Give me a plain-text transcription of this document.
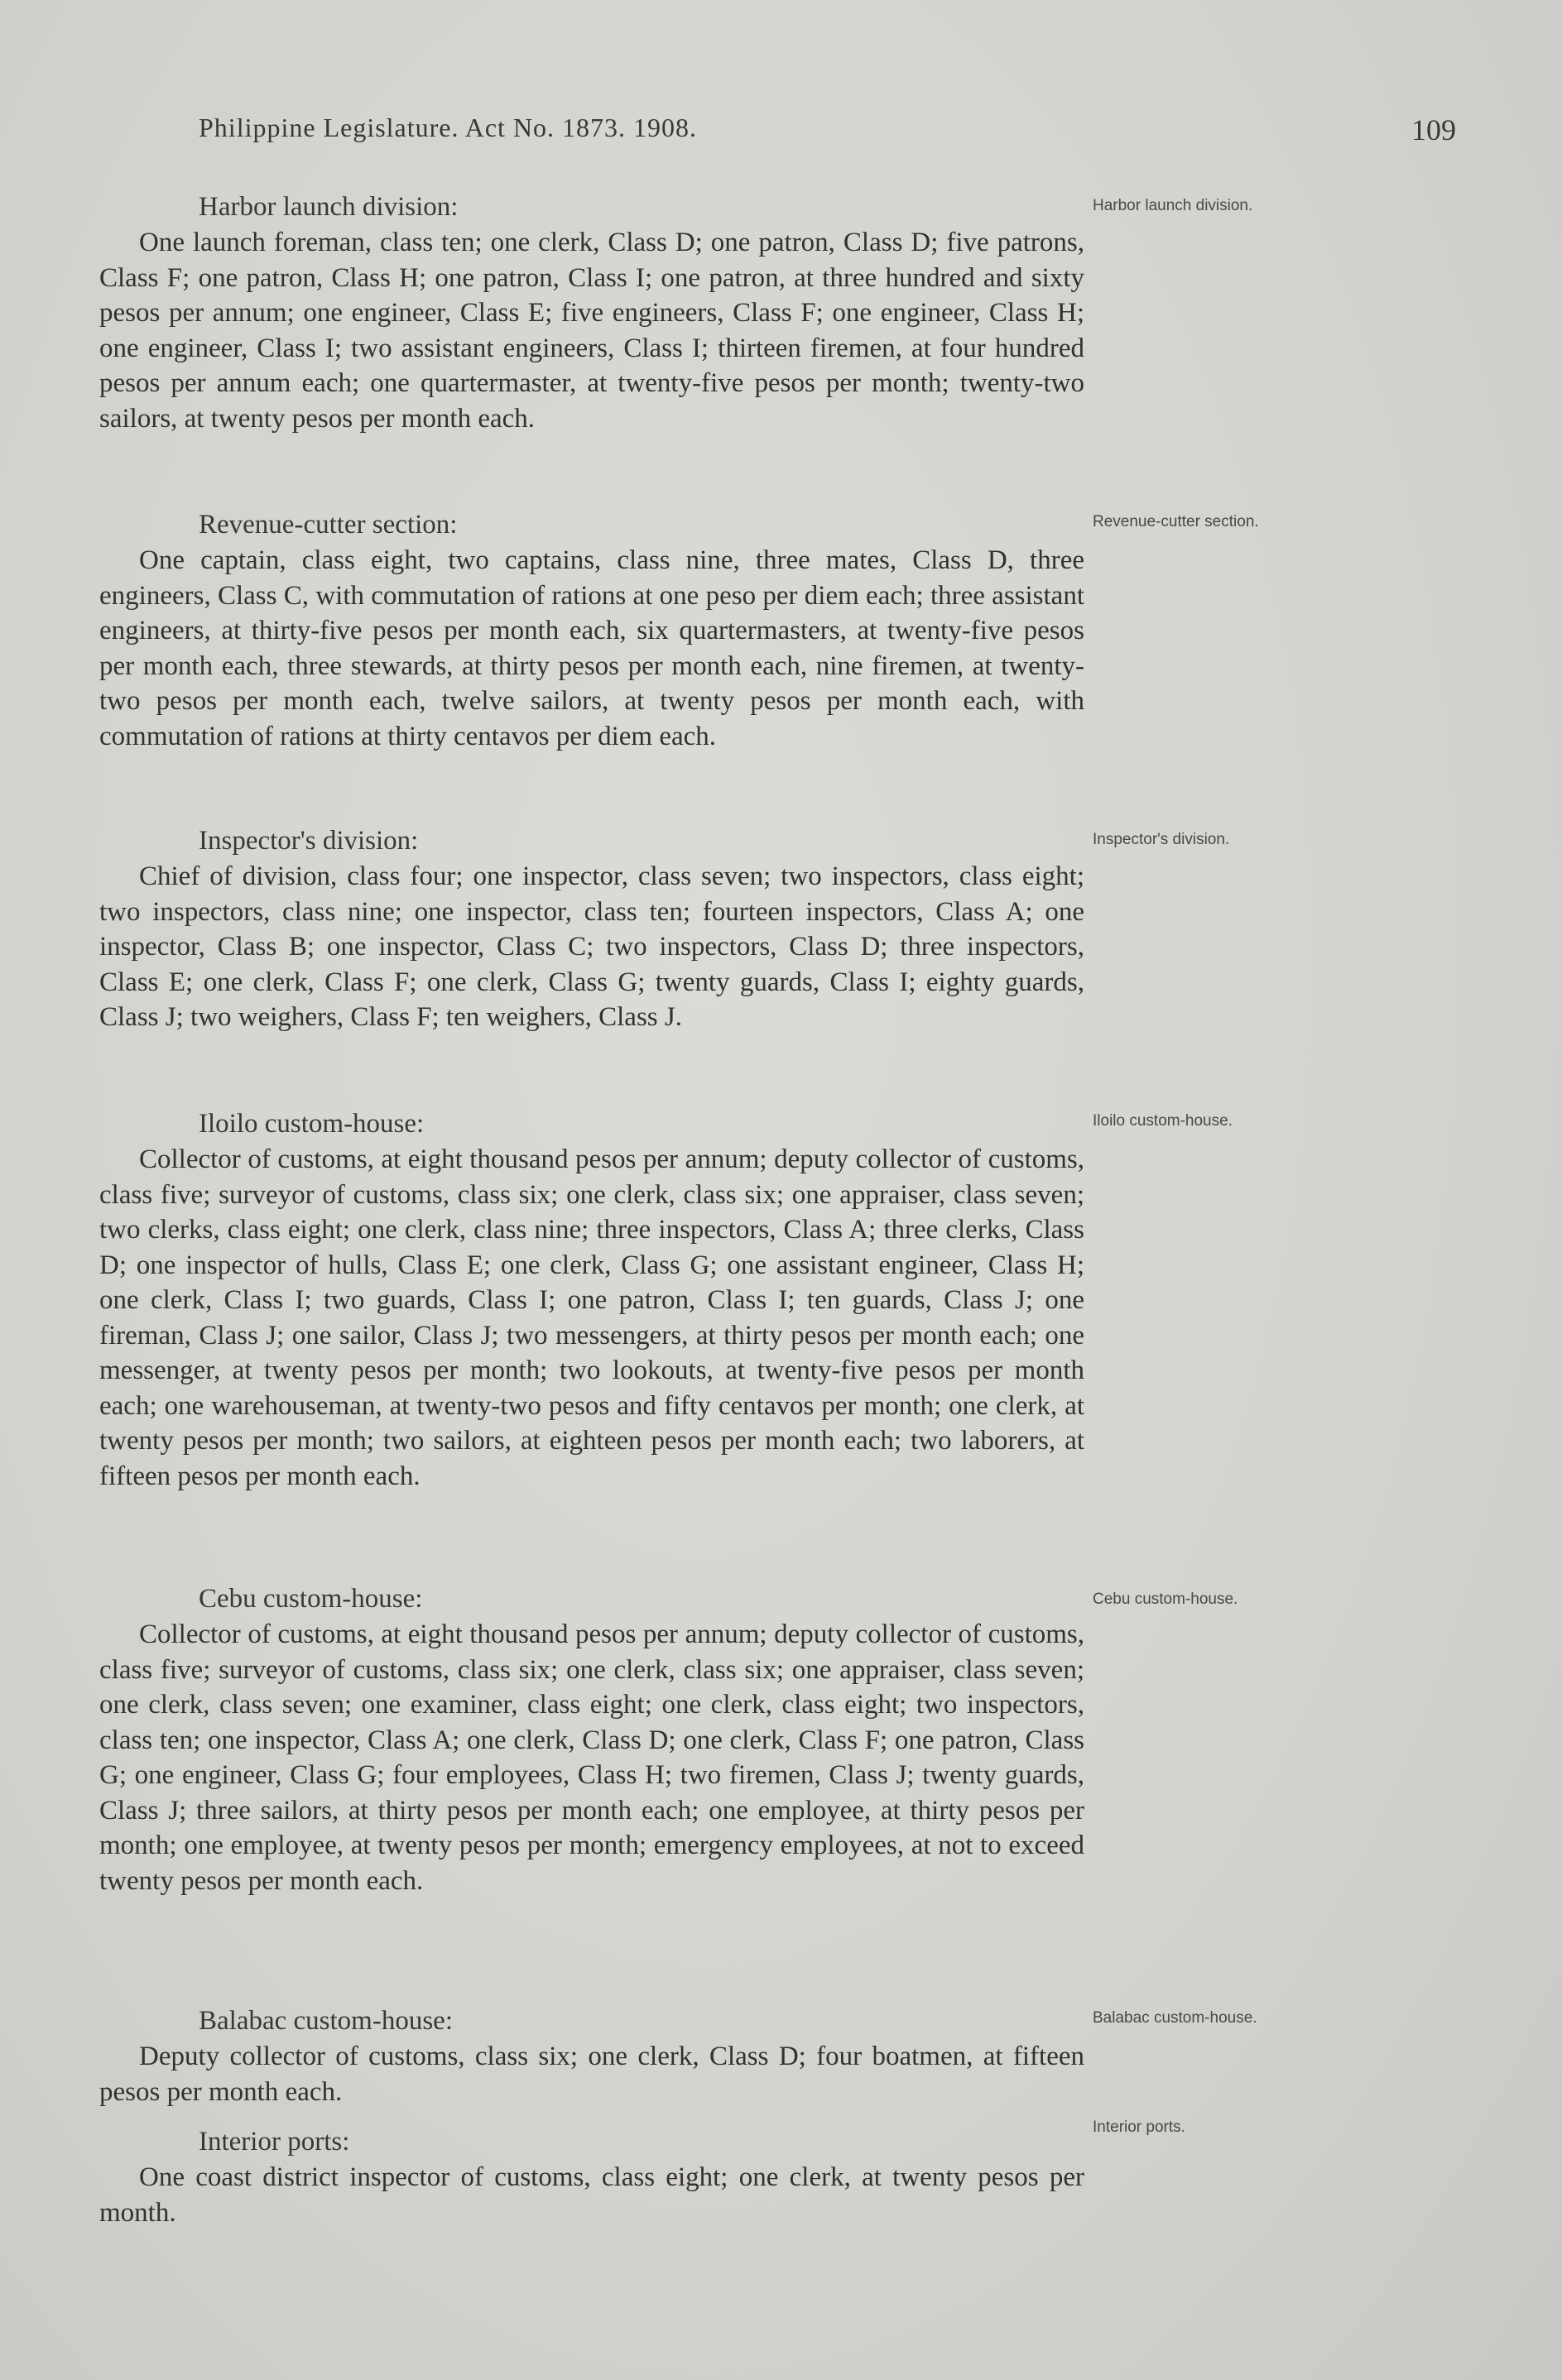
Philippine Legislature. Act No. 1873. 1908.	109

Harbor launch division:

One launch foreman, class ten; one clerk, Class D; one patron, Class D; five patrons, Class F; one patron, Class H; one patron, Class I; one patron, at three hundred and sixty pesos per annum; one engineer, Class E; five engineers, Class F; one engineer, Class H; one engineer, Class I; two assistant engineers, Class I; thirteen firemen, at four hundred pesos per annum each; one quartermaster, at twenty-five pesos per month; twenty-two sailors, at twenty pesos per month each.

Harbor launch division.

Revenue-cutter section:

One captain, class eight, two captains, class nine, three mates, Class D, three engineers, Class C, with commutation of rations at one peso per diem each; three assistant engineers, at thirty-five pesos per month each, six quartermasters, at twenty-five pesos per month each, three stewards, at thirty pesos per month each, nine firemen, at twenty-two pesos per month each, twelve sailors, at twenty pesos per month each, with commutation of rations at thirty centavos per diem each.

Revenue-cutter section.

Inspector's division:

Chief of division, class four; one inspector, class seven; two inspectors, class eight; two inspectors, class nine; one inspector, class ten; fourteen inspectors, Class A; one inspector, Class B; one inspector, Class C; two inspectors, Class D; three inspectors, Class E; one clerk, Class F; one clerk, Class G; twenty guards, Class I; eighty guards, Class J; two weighers, Class F; ten weighers, Class J.

Inspector's division.

Iloilo custom-house:

Collector of customs, at eight thousand pesos per annum; deputy collector of customs, class five; surveyor of customs, class six; one clerk, class six; one appraiser, class seven; two clerks, class eight; one clerk, class nine; three inspectors, Class A; three clerks, Class D; one inspector of hulls, Class E; one clerk, Class G; one assistant engineer, Class H; one clerk, Class I; two guards, Class I; one patron, Class I; ten guards, Class J; one fireman, Class J; one sailor, Class J; two messengers, at thirty pesos per month each; one messenger, at twenty pesos per month; two lookouts, at twenty-five pesos per month each; one warehouseman, at twenty-two pesos and fifty centavos per month; one clerk, at twenty pesos per month; two sailors, at eighteen pesos per month each; two laborers, at fifteen pesos per month each.

Iloilo custom-house.

Cebu custom-house:

Collector of customs, at eight thousand pesos per annum; deputy collector of customs, class five; surveyor of customs, class six; one clerk, class six; one appraiser, class seven; one clerk, class seven; one examiner, class eight; one clerk, class eight; two inspectors, class ten; one inspector, Class A; one clerk, Class D; one clerk, Class F; one patron, Class G; one engineer, Class G; four employees, Class H; two firemen, Class J; twenty guards, Class J; three sailors, at thirty pesos per month each; one employee, at thirty pesos per month; one employee, at twenty pesos per month; emergency employees, at not to exceed twenty pesos per month each.

Cebu custom-house.

Balabac custom-house:

Deputy collector of customs, class six; one clerk, Class D; four boatmen, at fifteen pesos per month each.

Balabac custom-house.

Interior ports:

One coast district inspector of customs, class eight; one clerk, at twenty pesos per month.

Interior ports.
